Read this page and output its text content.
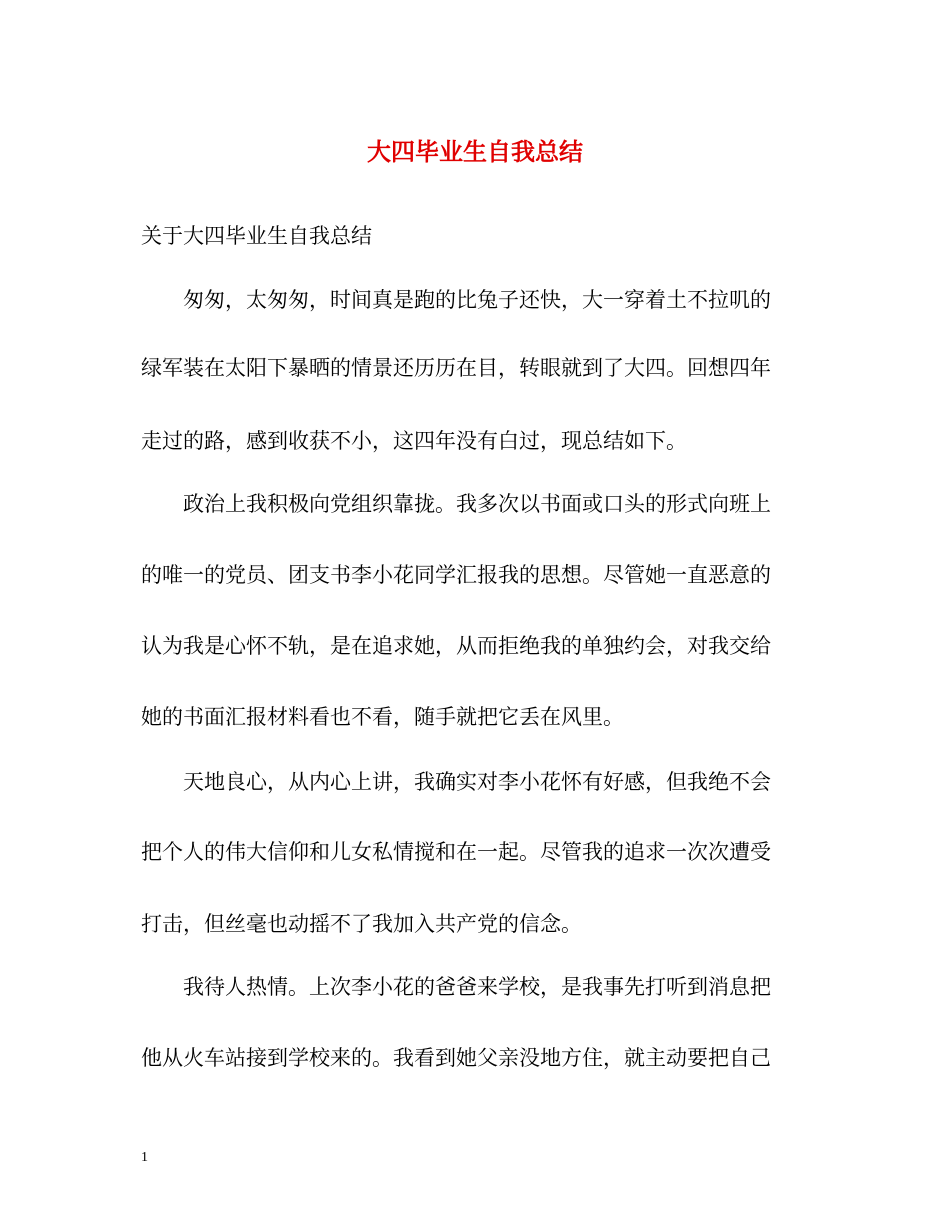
大四毕业生自我总结
关于大四毕业生自我总结
匆匆，太匆匆，时间真是跑的比兔子还快，大一穿着土不拉叽的
绿军装在太阳下暴晒的情景还历历在目，转眼就到了大四。回想四年
走过的路，感到收获不小，这四年没有白过，现总结如下。
政治上我积极向党组织靠拢。我多次以书面或口头的形式向班上
的唯一的党员、团支书李小花同学汇报我的思想。尽管她一直恶意的
认为我是心怀不轨，是在追求她，从而拒绝我的单独约会，对我交给
她的书面汇报材料看也不看，随手就把它丢在风里。
天地良心，从内心上讲，我确实对李小花怀有好感，但我绝不会
把个人的伟大信仰和儿女私情搅和在一起。尽管我的追求一次次遭受
打击，但丝毫也动摇不了我加入共产党的信念。
我待人热情。上次李小花的爸爸来学校，是我事先打听到消息把
他从火车站接到学校来的。我看到她父亲没地方住，就主动要把自己
1
